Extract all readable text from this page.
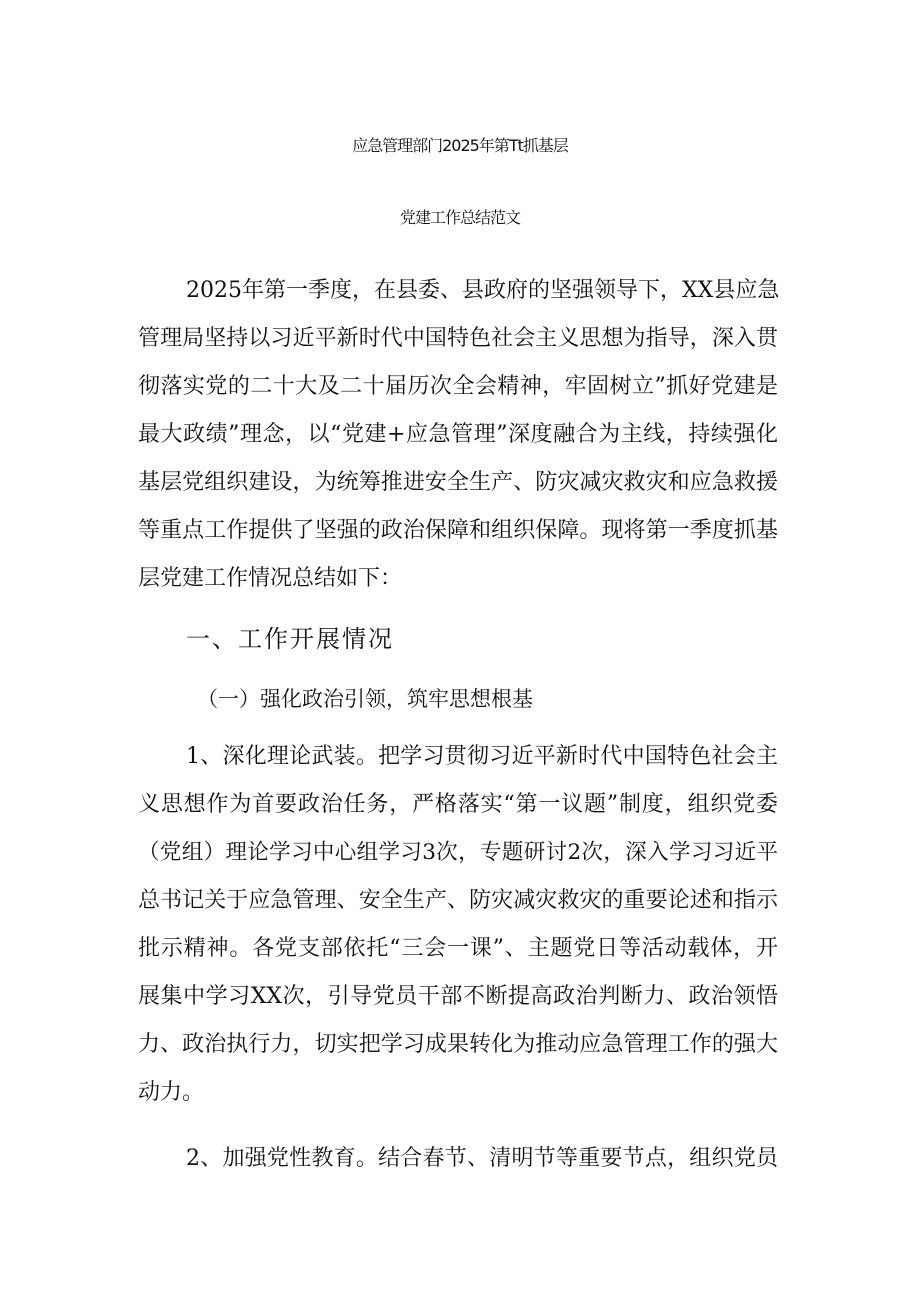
应急管理部门2025年第Tt抓基层
党建工作总结范文
2025年第一季度，在县委、县政府的坚强领导下，XX县应急
管理局坚持以习近平新时代中国特色社会主义思想为指导，深入贯
彻落实党的二十大及二十届历次全会精神，牢固树立”抓好党建是
最大政绩”理念，以“党建+应急管理”深度融合为主线，持续强化
基层党组织建设，为统筹推进安全生产、防灾减灾救灾和应急救援
等重点工作提供了坚强的政治保障和组织保障。现将第一季度抓基
层党建工作情况总结如下：
一、工作开展情况
（一）强化政治引领，筑牢思想根基
1、深化理论武装。把学习贯彻习近平新时代中国特色社会主
义思想作为首要政治任务，严格落实“第一议题”制度，组织党委
（党组）理论学习中心组学习3次，专题研讨2次，深入学习习近平
总书记关于应急管理、安全生产、防灾减灾救灾的重要论述和指示
批示精神。各党支部依托“三会一课”、主题党日等活动载体，开
展集中学习XX次，引导党员干部不断提高政治判断力、政治领悟
力、政治执行力，切实把学习成果转化为推动应急管理工作的强大
动力。
2、加强党性教育。结合春节、清明节等重要节点，组织党员
